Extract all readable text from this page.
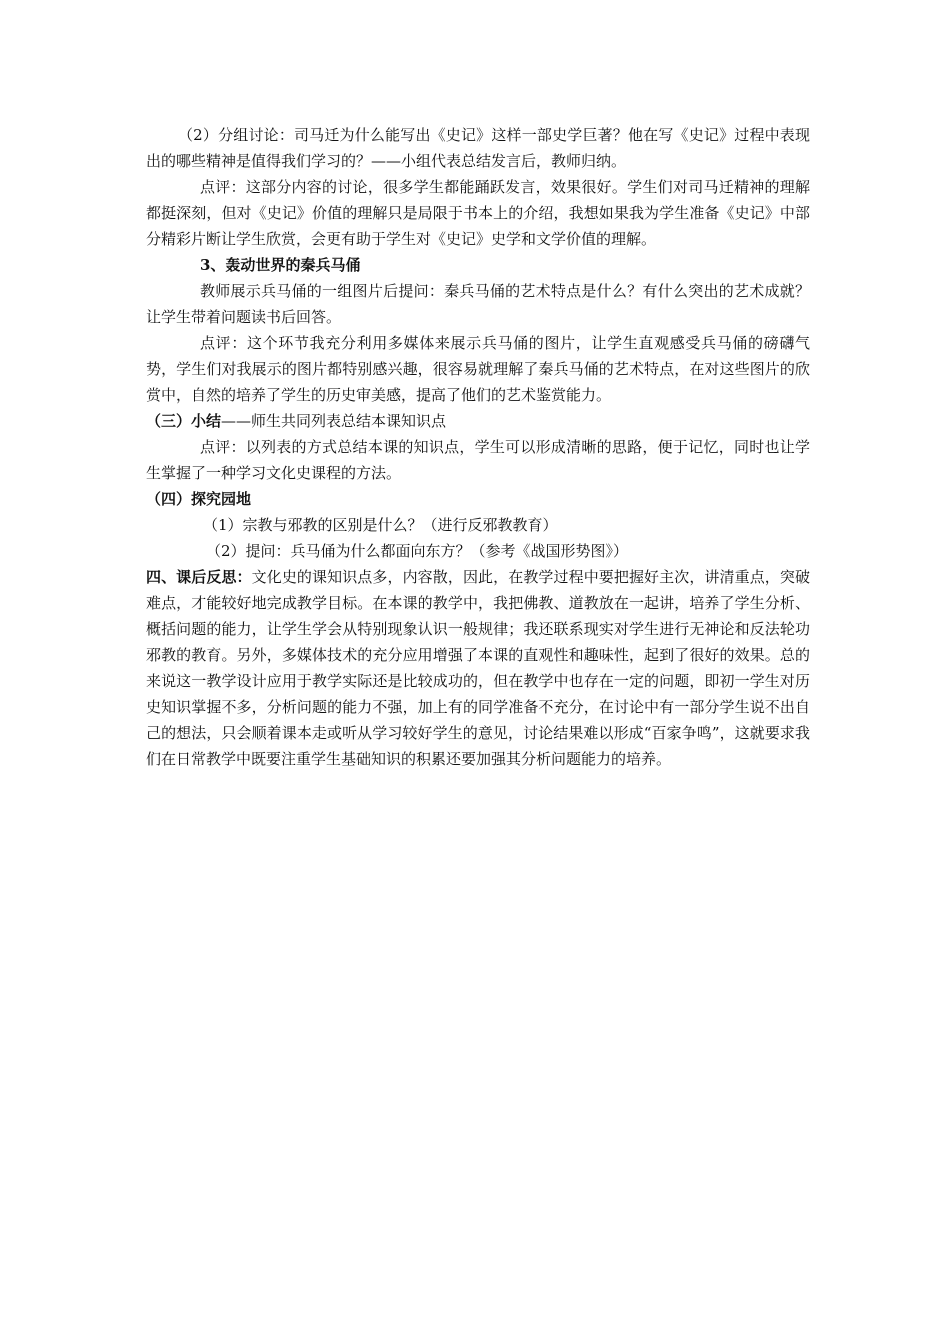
（2）分组讨论：司马迁为什么能写出《史记》这样一部史学巨著？他在写《史记》过程中表现出的哪些精神是值得我们学习的？——小组代表总结发言后，教师归纳。

点评：这部分内容的讨论，很多学生都能踊跃发言，效果很好。学生们对司马迁精神的理解都挺深刻，但对《史记》价值的理解只是局限于书本上的介绍，我想如果我为学生准备《史记》中部分精彩片断让学生欣赏，会更有助于学生对《史记》史学和文学价值的理解。

3、轰动世界的秦兵马俑

教师展示兵马俑的一组图片后提问：秦兵马俑的艺术特点是什么？有什么突出的艺术成就？让学生带着问题读书后回答。

点评：这个环节我充分利用多媒体来展示兵马俑的图片，让学生直观感受兵马俑的磅礴气势，学生们对我展示的图片都特别感兴趣，很容易就理解了秦兵马俑的艺术特点，在对这些图片的欣赏中，自然的培养了学生的历史审美感，提高了他们的艺术鉴赏能力。

（三）小结——师生共同列表总结本课知识点

点评：以列表的方式总结本课的知识点，学生可以形成清晰的思路，便于记忆，同时也让学生掌握了一种学习文化史课程的方法。

（四）探究园地

（1）宗教与邪教的区别是什么？（进行反邪教教育）

（2）提问：兵马俑为什么都面向东方？（参考《战国形势图》）

四、课后反思：文化史的课知识点多，内容散，因此，在教学过程中要把握好主次，讲清重点，突破难点，才能较好地完成教学目标。在本课的教学中，我把佛教、道教放在一起讲，培养了学生分析、概括问题的能力，让学生学会从特别现象认识一般规律；我还联系现实对学生进行无神论和反法轮功邪教的教育。另外，多媒体技术的充分应用增强了本课的直观性和趣味性，起到了很好的效果。总的来说这一教学设计应用于教学实际还是比较成功的，但在教学中也存在一定的问题，即初一学生对历史知识掌握不多，分析问题的能力不强，加上有的同学准备不充分，在讨论中有一部分学生说不出自己的想法，只会顺着课本走或听从学习较好学生的意见，讨论结果难以形成“百家争鸣”，这就要求我们在日常教学中既要注重学生基础知识的积累还要加强其分析问题能力的培养。
